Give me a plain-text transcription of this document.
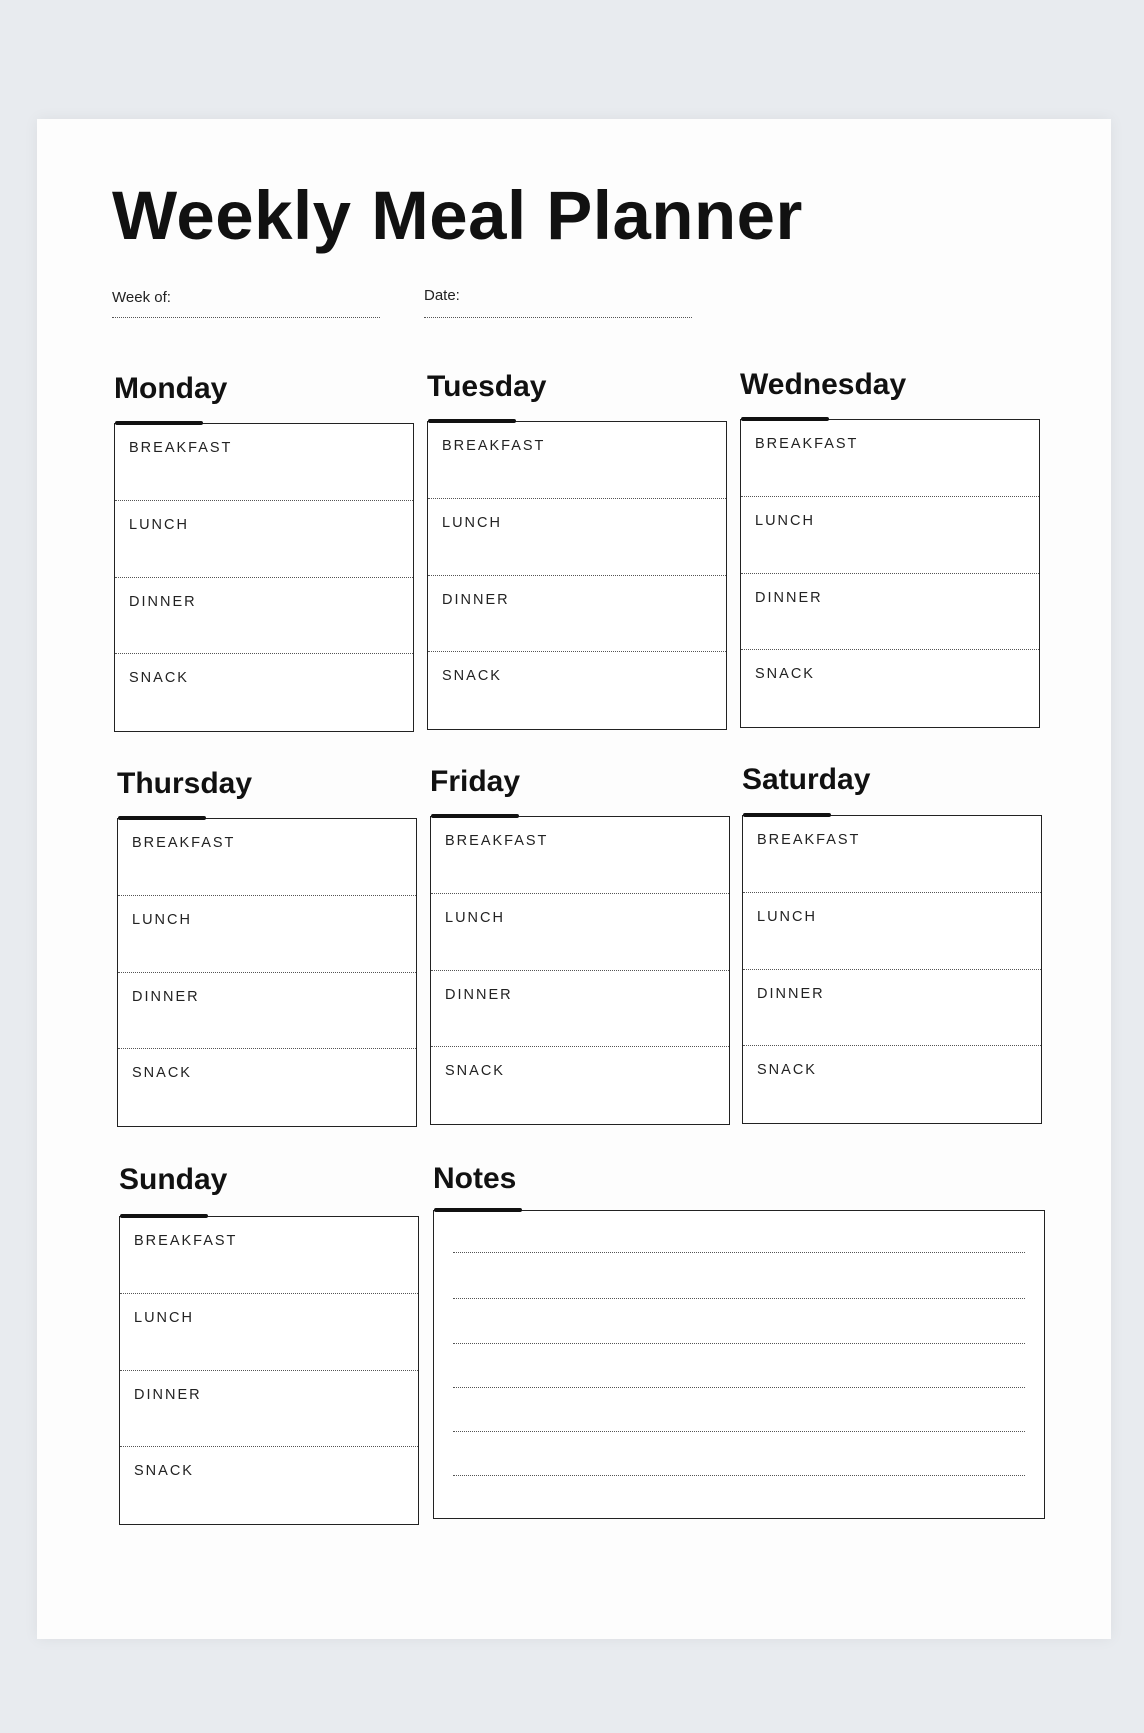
Weekly Meal Planner
Week of:	Date:
Monday
BREAKFAST
LUNCH
DINNER
SNACK
Tuesday
BREAKFAST
LUNCH
DINNER
SNACK
Wednesday
BREAKFAST
LUNCH
DINNER
SNACK
Thursday
BREAKFAST
LUNCH
DINNER
SNACK
Friday
BREAKFAST
LUNCH
DINNER
SNACK
Saturday
BREAKFAST
LUNCH
DINNER
SNACK
Sunday
BREAKFAST
LUNCH
DINNER
SNACK
Notes
